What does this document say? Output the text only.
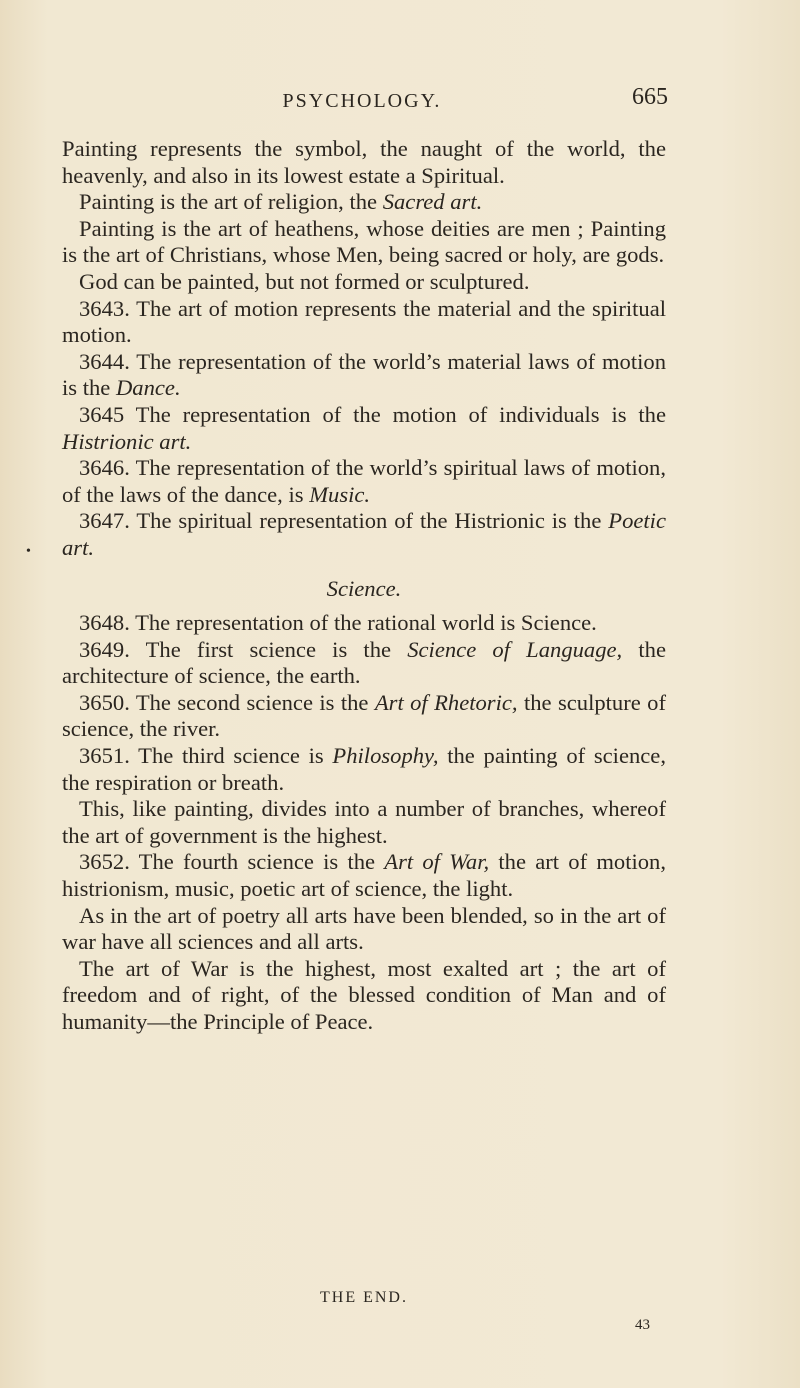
PSYCHOLOGY.	665
•

Painting represents the symbol, the naught of the world, the heavenly, and also in its lowest estate a Spiritual.

Painting is the art of religion, the Sacred art.

Painting is the art of heathens, whose deities are men ; Painting is the art of Christians, whose Men, being sacred or holy, are gods.

God can be painted, but not formed or sculptured.

3643. The art of motion represents the material and the spiritual motion.

3644. The representation of the world’s material laws of motion is the Dance.

3645 The representation of the motion of individuals is the Histrionic art.

3646. The representation of the world’s spiritual laws of motion, of the laws of the dance, is Music.

3647. The spiritual representation of the Histrionic is the Poetic art.

Science.

3648. The representation of the rational world is Science.

3649. The first science is the Science of Language, the architecture of science, the earth.

3650. The second science is the Art of Rhetoric, the sculpture of science, the river.

3651. The third science is Philosophy, the painting of science, the respiration or breath.

This, like painting, divides into a number of branches, whereof the art of government is the highest.

3652. The fourth science is the Art of War, the art of motion, histrionism, music, poetic art of science, the light.

As in the art of poetry all arts have been blended, so in the art of war have all sciences and all arts.

The art of War is the highest, most exalted art ; the art of freedom and of right, of the blessed condition of Man and of humanity—the Principle of Peace.

THE END.
43
